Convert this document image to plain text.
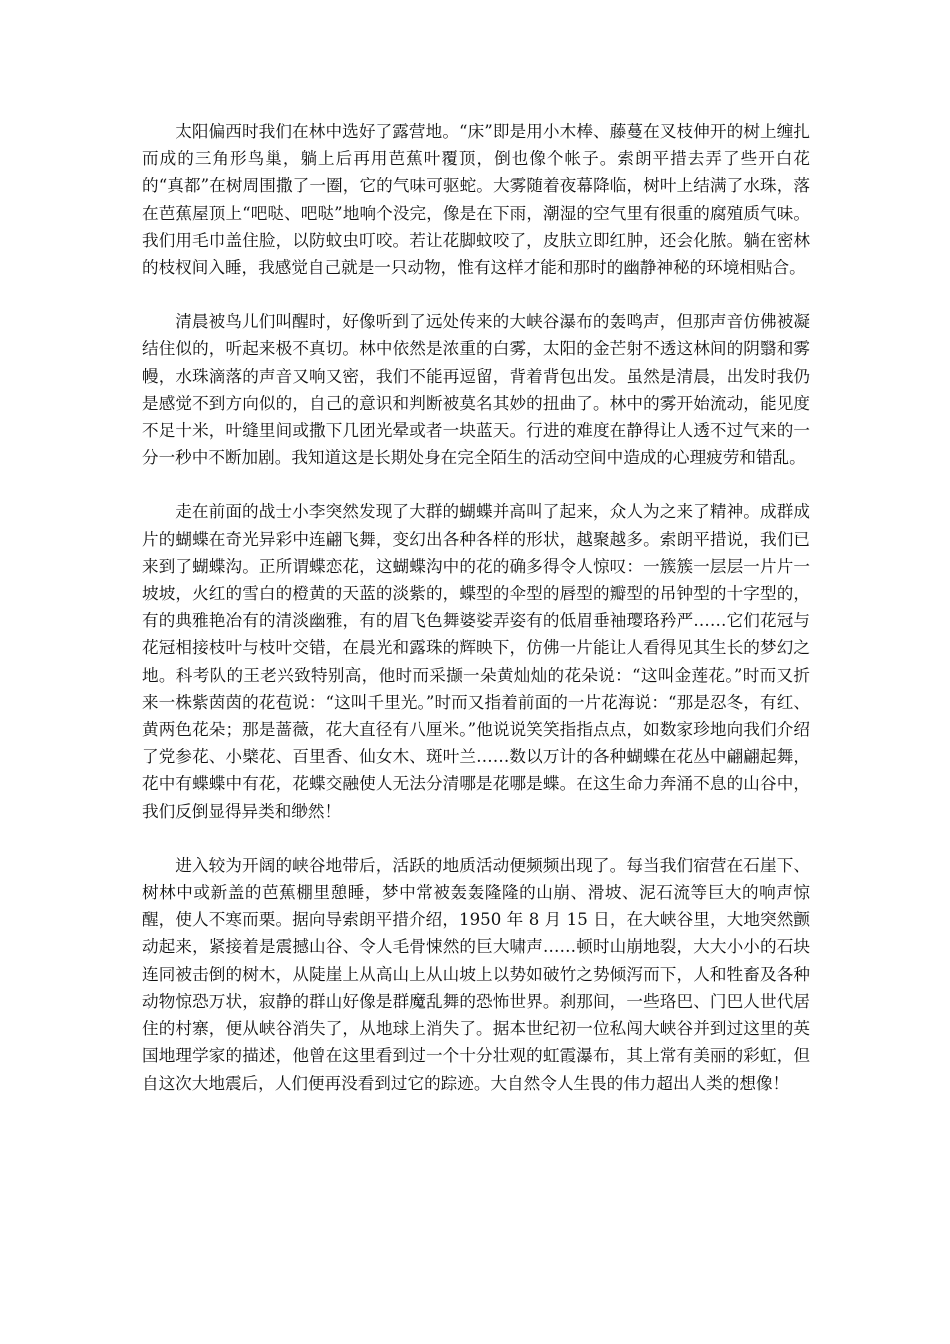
太阳偏西时我们在林中选好了露营地。“床”即是用小木棒、藤蔓在叉枝伸开的树上缠扎而成的三角形鸟巢，躺上后再用芭蕉叶覆顶，倒也像个帐子。索朗平措去弄了些开白花的“真都”在树周围撒了一圈，它的气味可驱蛇。大雾随着夜幕降临，树叶上结满了水珠，落在芭蕉屋顶上“吧哒、吧哒”地响个没完，像是在下雨，潮湿的空气里有很重的腐殖质气味。我们用毛巾盖住脸，以防蚊虫叮咬。若让花脚蚊咬了，皮肤立即红肿，还会化脓。躺在密林的枝杈间入睡，我感觉自己就是一只动物，惟有这样才能和那时的幽静神秘的环境相贴合。

清晨被鸟儿们叫醒时，好像听到了远处传来的大峡谷瀑布的轰鸣声，但那声音仿佛被凝结住似的，听起来极不真切。林中依然是浓重的白雾，太阳的金芒射不透这林间的阴翳和雾幔，水珠滴落的声音又响又密，我们不能再逗留，背着背包出发。虽然是清晨，出发时我仍是感觉不到方向似的，自己的意识和判断被莫名其妙的扭曲了。林中的雾开始流动，能见度不足十米，叶缝里间或撒下几团光晕或者一块蓝天。行进的难度在静得让人透不过气来的一分一秒中不断加剧。我知道这是长期处身在完全陌生的活动空间中造成的心理疲劳和错乱。

走在前面的战士小李突然发现了大群的蝴蝶并高叫了起来，众人为之来了精神。成群成片的蝴蝶在奇光异彩中连翩飞舞，变幻出各种各样的形状，越聚越多。索朗平措说，我们已来到了蝴蝶沟。正所谓蝶恋花，这蝴蝶沟中的花的确多得令人惊叹：一簇簇一层层一片片一坡坡，火红的雪白的橙黄的天蓝的淡紫的，蝶型的伞型的唇型的瓣型的吊钟型的十字型的，有的典雅艳冶有的清淡幽雅，有的眉飞色舞婆娑弄姿有的低眉垂袖璎珞矜严……它们花冠与花冠相接枝叶与枝叶交错，在晨光和露珠的辉映下，仿佛一片能让人看得见其生长的梦幻之地。科考队的王老兴致特别高，他时而采撷一朵黄灿灿的花朵说：“这叫金莲花。”时而又折来一株紫茵茵的花苞说：“这叫千里光。”时而又指着前面的一片花海说：“那是忍冬，有红、黄两色花朵；那是蔷薇，花大直径有八厘米。”他说说笑笑指指点点，如数家珍地向我们介绍了党参花、小檗花、百里香、仙女木、斑叶兰……数以万计的各种蝴蝶在花丛中翩翩起舞，花中有蝶蝶中有花，花蝶交融使人无法分清哪是花哪是蝶。在这生命力奔涌不息的山谷中，我们反倒显得异类和缈然！

进入较为开阔的峡谷地带后，活跃的地质活动便频频出现了。每当我们宿营在石崖下、树林中或新盖的芭蕉棚里憩睡，梦中常被轰轰隆隆的山崩、滑坡、泥石流等巨大的响声惊醒，使人不寒而栗。据向导索朗平措介绍，1950 年 8 月 15 日，在大峡谷里，大地突然颤动起来，紧接着是震撼山谷、令人毛骨悚然的巨大啸声……顿时山崩地裂，大大小小的石块连同被击倒的树木，从陡崖上从高山上从山坡上以势如破竹之势倾泻而下，人和牲畜及各种动物惊恐万状，寂静的群山好像是群魔乱舞的恐怖世界。刹那间，一些珞巴、门巴人世代居住的村寨，便从峡谷消失了，从地球上消失了。据本世纪初一位私闯大峡谷并到过这里的英国地理学家的描述，他曾在这里看到过一个十分壮观的虹霞瀑布，其上常有美丽的彩虹，但自这次大地震后，人们便再没看到过它的踪迹。大自然令人生畏的伟力超出人类的想像！
